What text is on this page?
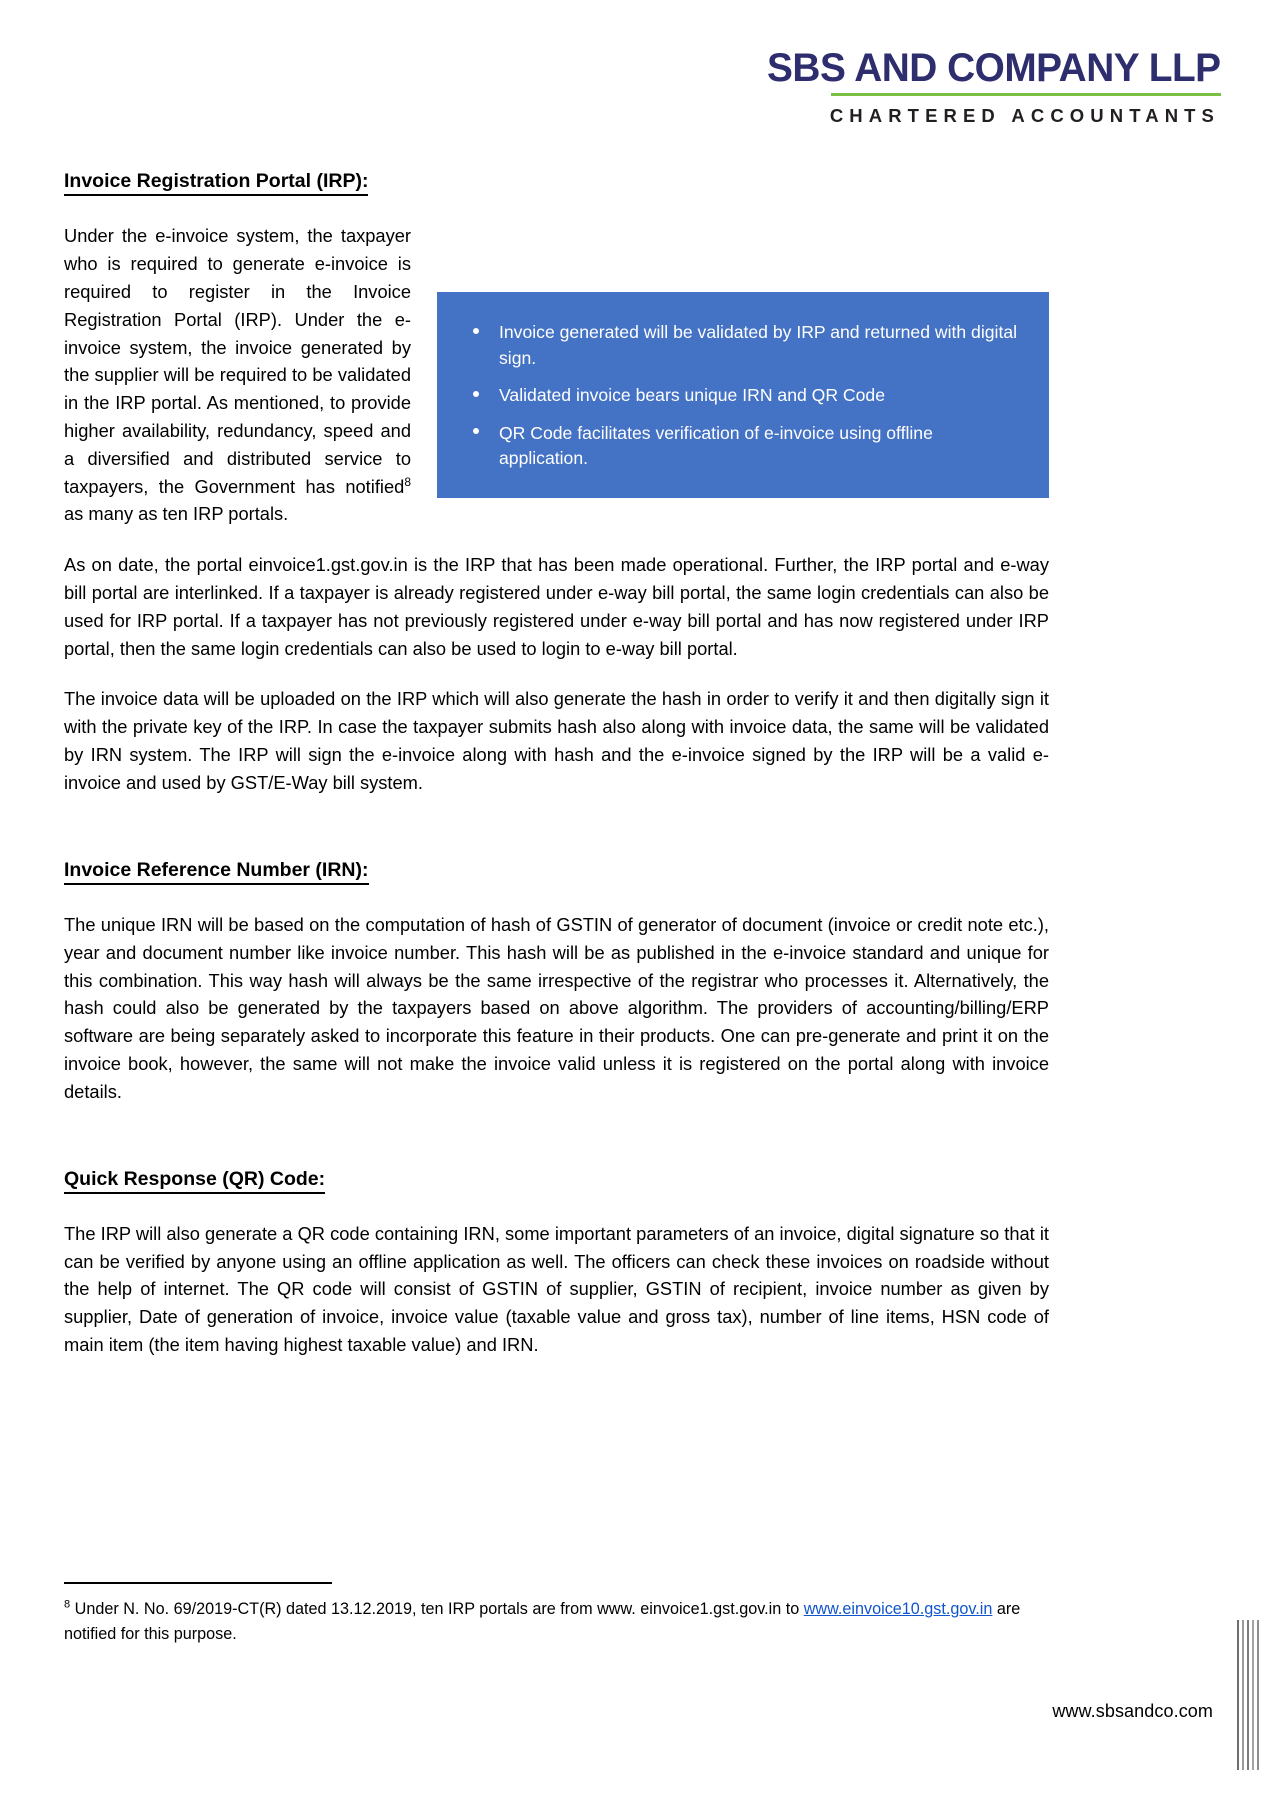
SBS AND COMPANY LLP
CHARTERED ACCOUNTANTS
Invoice Registration Portal (IRP):
Invoice generated will be validated by IRP and returned with digital sign.
Validated invoice bears unique IRN and QR Code
QR Code facilitates verification of e-invoice using offline application.

Under the e-invoice system, the taxpayer who is required to generate e-invoice is required to register in the Invoice Registration Portal (IRP). Under the e-invoice system, the invoice generated by the supplier will be required to be validated in the IRP portal. As mentioned, to provide higher availability, redundancy, speed and a diversified and distributed service to taxpayers, the Government has notified$^8$ as many as ten IRP portals.

As on date, the portal einvoice1.gst.gov.in is the IRP that has been made operational. Further, the IRP portal and e-way bill portal are interlinked. If a taxpayer is already registered under e-way bill portal, the same login credentials can also be used for IRP portal. If a taxpayer has not previously registered under e-way bill portal and has now registered under IRP portal, then the same login credentials can also be used to login to e-way bill portal.

The invoice data will be uploaded on the IRP which will also generate the hash in order to verify it and then digitally sign it with the private key of the IRP. In case the taxpayer submits hash also along with invoice data, the same will be validated by IRN system. The IRP will sign the e-invoice along with hash and the e-invoice signed by the IRP will be a valid e-invoice and used by GST/E-Way bill system.

Invoice Reference Number (IRN):

The unique IRN will be based on the computation of hash of GSTIN of generator of document (invoice or credit note etc.), year and document number like invoice number. This hash will be as published in the e-invoice standard and unique for this combination. This way hash will always be the same irrespective of the registrar who processes it. Alternatively, the hash could also be generated by the taxpayers based on above algorithm. The providers of accounting/billing/ERP software are being separately asked to incorporate this feature in their products. One can pre-generate and print it on the invoice book, however, the same will not make the invoice valid unless it is registered on the portal along with invoice details.

Quick Response (QR) Code:

The IRP will also generate a QR code containing IRN, some important parameters of an invoice, digital signature so that it can be verified by anyone using an offline application as well. The officers can check these invoices on roadside without the help of internet. The QR code will consist of GSTIN of supplier, GSTIN of recipient, invoice number as given by supplier, Date of generation of invoice, invoice value (taxable value and gross tax), number of line items, HSN code of main item (the item having highest taxable value) and IRN.

$^8$ Under N. No. 69/2019-CT(R) dated 13.12.2019, ten IRP portals are from www. einvoice1.gst.gov.in to www.einvoice10.gst.gov.in are notified for this purpose.

www.sbsandco.com
